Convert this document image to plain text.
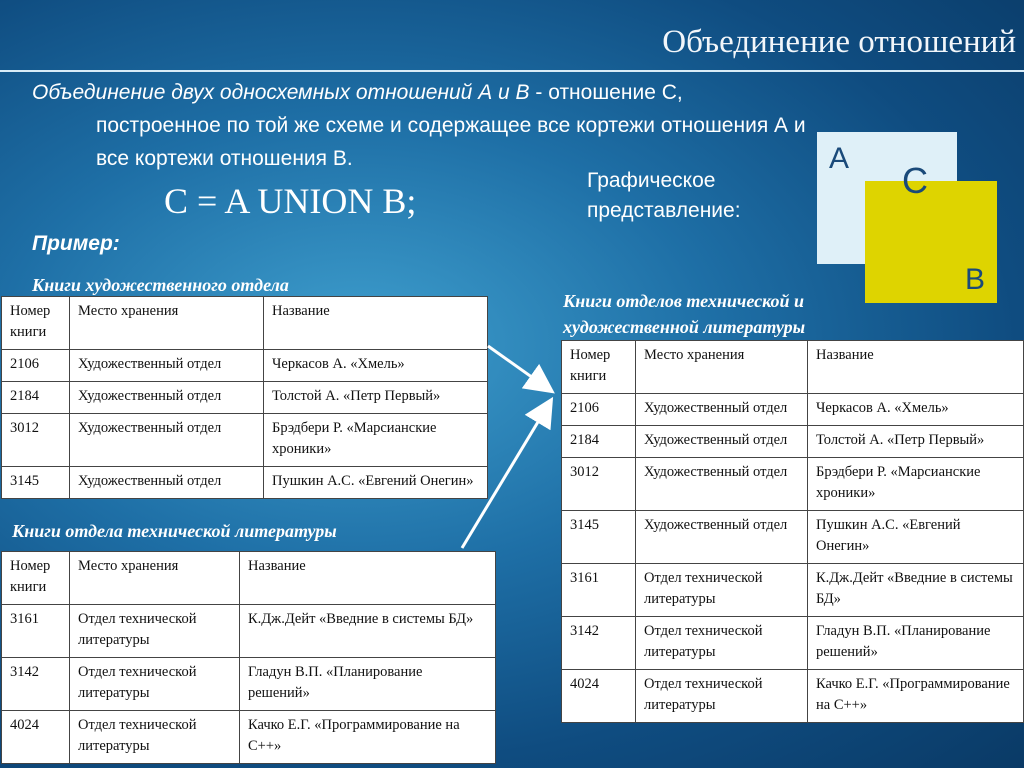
Объединение отношений
Объединение двух односхемных отношений А и В - отношение С,
построенное по той же схеме и содержащее все кортежи отношения А и
все кортежи отношения В.
C = A UNION B;
Графическое представление:
A
C
B
Пример:
Книги художественного отдела
Книги отдела технической литературы
Книги отделов технической и
художественной литературы
Номер книги	Место хранения	Название
2106	Художественный отдел	Черкасов А. «Хмель»
2184	Художественный отдел	Толстой А. «Петр Первый»
3012	Художественный отдел	Брэдбери Р. «Марсианские хроники»
3145	Художественный отдел	Пушкин А.С. «Евгений Онегин»
Номер книги	Место хранения	Название
3161	Отдел технической литературы	К.Дж.Дейт «Введние в системы БД»
3142	Отдел технической литературы	Гладун В.П. «Планирование решений»
4024	Отдел технической литературы	Качко Е.Г. «Программирование на С++»
Номер книги	Место хранения	Название
2106	Художественный отдел	Черкасов А. «Хмель»
2184	Художественный отдел	Толстой А. «Петр Первый»
3012	Художественный отдел	Брэдбери Р. «Марсианские хроники»
3145	Художественный отдел	Пушкин А.С. «Евгений Онегин»
3161	Отдел технической литературы	К.Дж.Дейт «Введние в системы БД»
3142	Отдел технической литературы	Гладун В.П. «Планирование решений»
4024	Отдел технической литературы	Качко Е.Г. «Программирование на С++»
